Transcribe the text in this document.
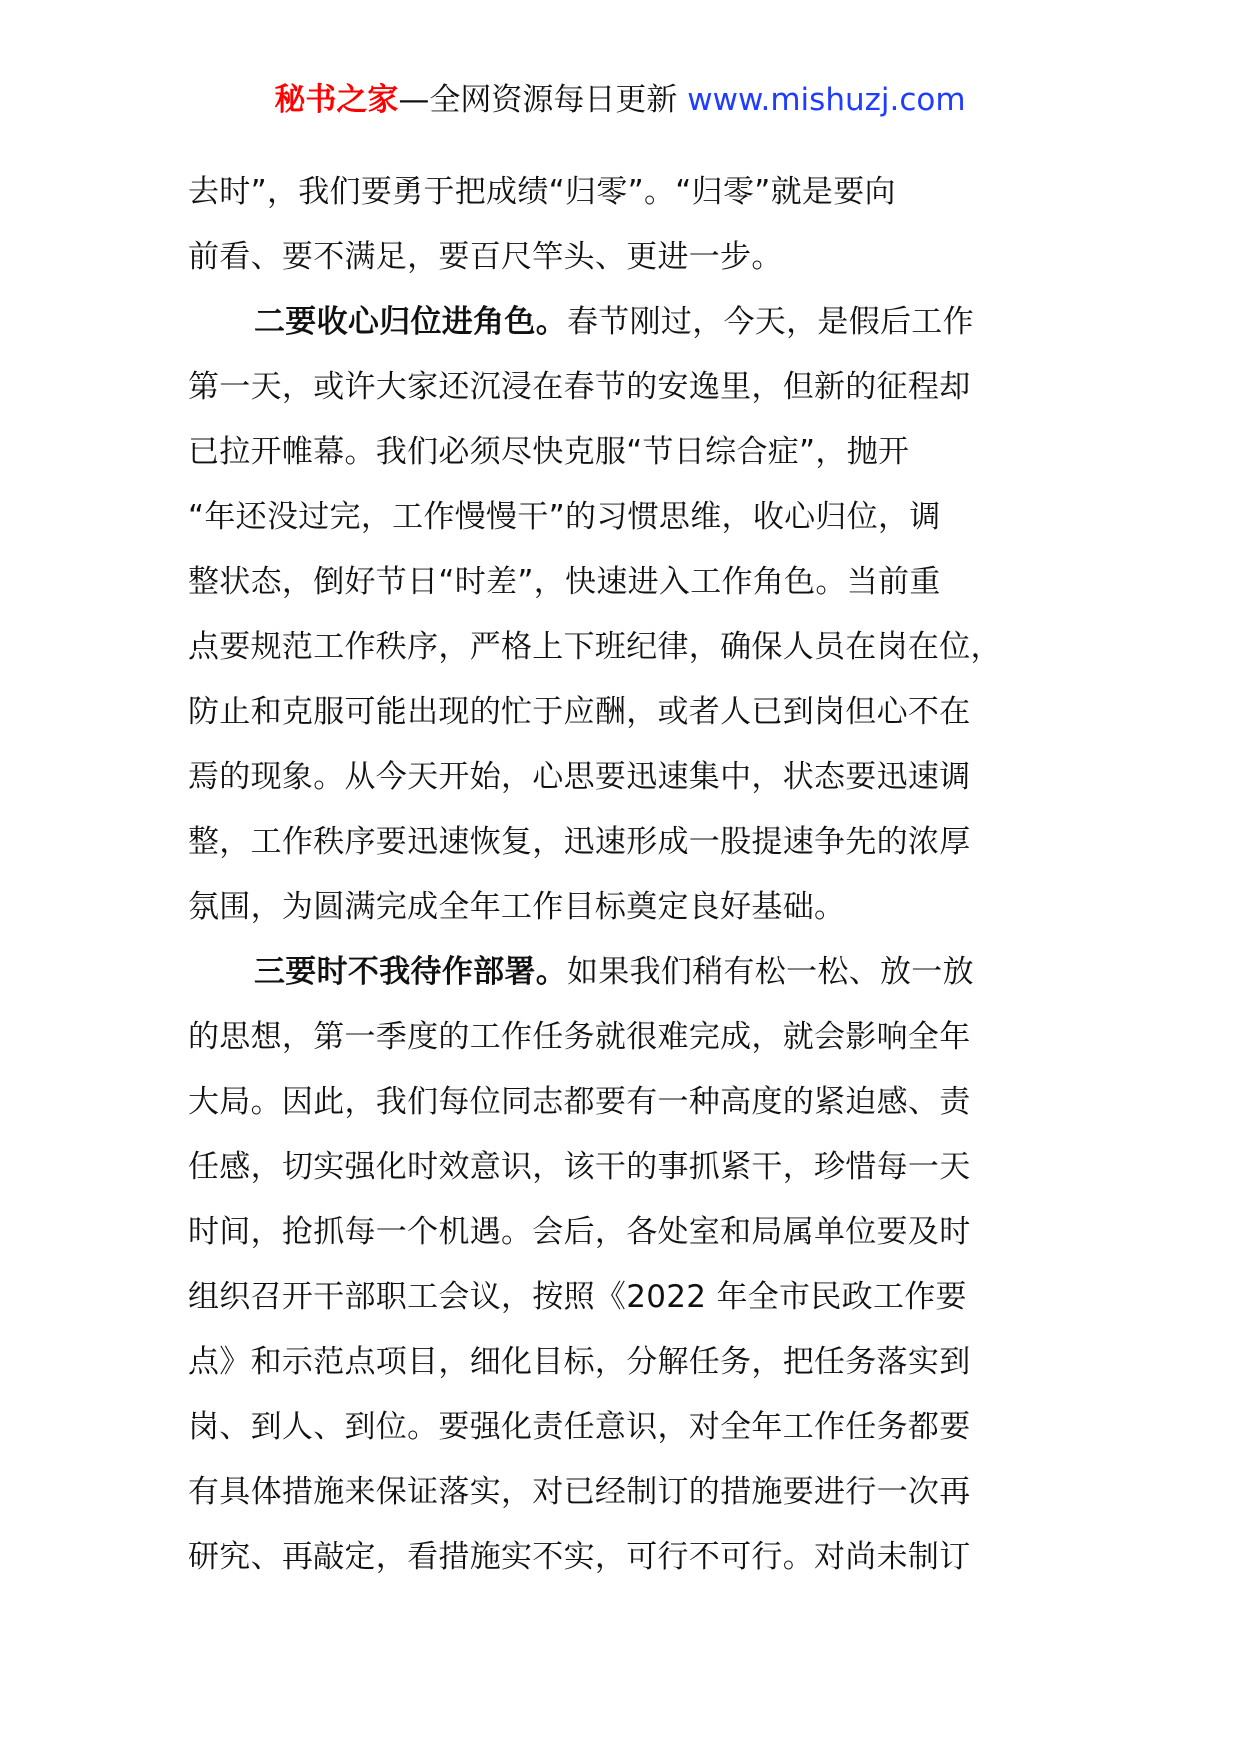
秘书之家—全网资源每日更新 www.mishuzj.com
去时”，我们要勇于把成绩“归零”。“归零”就是要向
前看、要不满足，要百尺竿头、更进一步。
二要收心归位进角色。春节刚过，今天，是假后工作
第一天，或许大家还沉浸在春节的安逸里，但新的征程却
已拉开帷幕。我们必须尽快克服“节日综合症”，抛开
“年还没过完，工作慢慢干”的习惯思维，收心归位，调
整状态，倒好节日“时差”，快速进入工作角色。当前重
点要规范工作秩序，严格上下班纪律，确保人员在岗在位，
防止和克服可能出现的忙于应酬，或者人已到岗但心不在
焉的现象。从今天开始，心思要迅速集中，状态要迅速调
整，工作秩序要迅速恢复，迅速形成一股提速争先的浓厚
氛围，为圆满完成全年工作目标奠定良好基础。
三要时不我待作部署。如果我们稍有松一松、放一放
的思想，第一季度的工作任务就很难完成，就会影响全年
大局。因此，我们每位同志都要有一种高度的紧迫感、责
任感，切实强化时效意识，该干的事抓紧干，珍惜每一天
时间，抢抓每一个机遇。会后，各处室和局属单位要及时
组织召开干部职工会议，按照《2022 年全市民政工作要
点》和示范点项目，细化目标，分解任务，把任务落实到
岗、到人、到位。要强化责任意识，对全年工作任务都要
有具体措施来保证落实，对已经制订的措施要进行一次再
研究、再敲定，看措施实不实，可行不可行。对尚未制订
